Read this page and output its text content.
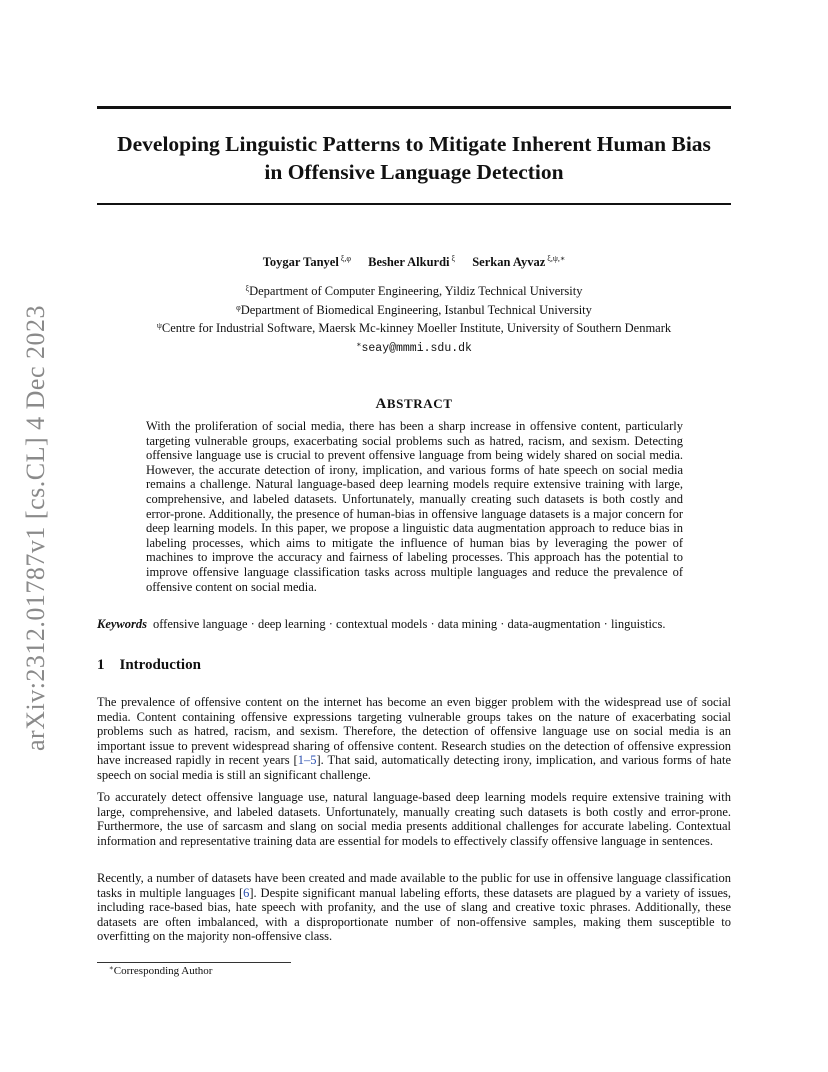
arXiv:2312.01787v1 [cs.CL] 4 Dec 2023
Developing Linguistic Patterns to Mitigate Inherent Human Bias
in Offensive Language Detection
Toygar Tanyel $^{\xi,\varphi}$ Besher Alkurdi $^\xi$ Serkan Ayvaz $^{\xi,\psi,∗}$
$^\xi$Department of Computer Engineering, Yildiz Technical University
$^\varphi$Department of Biomedical Engineering, Istanbul Technical University
$^\psi$Centre for Industrial Software, Maersk Mc-kinney Moeller Institute, University of Southern Denmark
∗seay@mmmi.sdu.dk
ABSTRACT

With the proliferation of social media, there has been a sharp increase in offensive content, particularly targeting vulnerable groups, exacerbating social problems such as hatred, racism, and sexism. Detecting offensive language use is crucial to prevent offensive language from being widely shared on social media. However, the accurate detection of irony, implication, and various forms of hate speech on social media remains a challenge. Natural language-based deep learning models require extensive training with large, comprehensive, and labeled datasets. Unfortunately, manually creating such datasets is both costly and error-prone. Additionally, the presence of human-bias in offensive language datasets is a major concern for deep learning models. In this paper, we propose a linguistic data augmentation approach to reduce bias in labeling processes, which aims to mitigate the influence of human bias by leveraging the power of machines to improve the accuracy and fairness of labeling processes. This approach has the potential to improve offensive language classification tasks across multiple languages and reduce the prevalence of offensive content on social media.

Keywords offensive language · deep learning · contextual models · data mining · data-augmentation · linguistics.
1 Introduction

The prevalence of offensive content on the internet has become an even bigger problem with the widespread use of social media. Content containing offensive expressions targeting vulnerable groups takes on the nature of exacerbating social problems such as hatred, racism, and sexism. Therefore, the detection of offensive language use on social media is an important issue to prevent widespread sharing of offensive content. Research studies on the detection of offensive expression have increased rapidly in recent years [1–5]. That said, automatically detecting irony, implication, and various forms of hate speech on social media is still an significant challenge.

To accurately detect offensive language use, natural language-based deep learning models require extensive training with large, comprehensive, and labeled datasets. Unfortunately, manually creating such datasets is both costly and error-prone. Furthermore, the use of sarcasm and slang on social media presents additional challenges for accurate labeling. Contextual information and representative training data are essential for models to effectively classify offensive language in sentences.

Recently, a number of datasets have been created and made available to the public for use in offensive language classification tasks in multiple languages [6]. Despite significant manual labeling efforts, these datasets are plagued by a variety of issues, including race-based bias, hate speech with profanity, and the use of slang and creative toxic phrases. Additionally, these datasets are often imbalanced, with a disproportionate number of non-offensive samples, making them susceptible to overfitting on the majority non-offensive class.

∗Corresponding Author
